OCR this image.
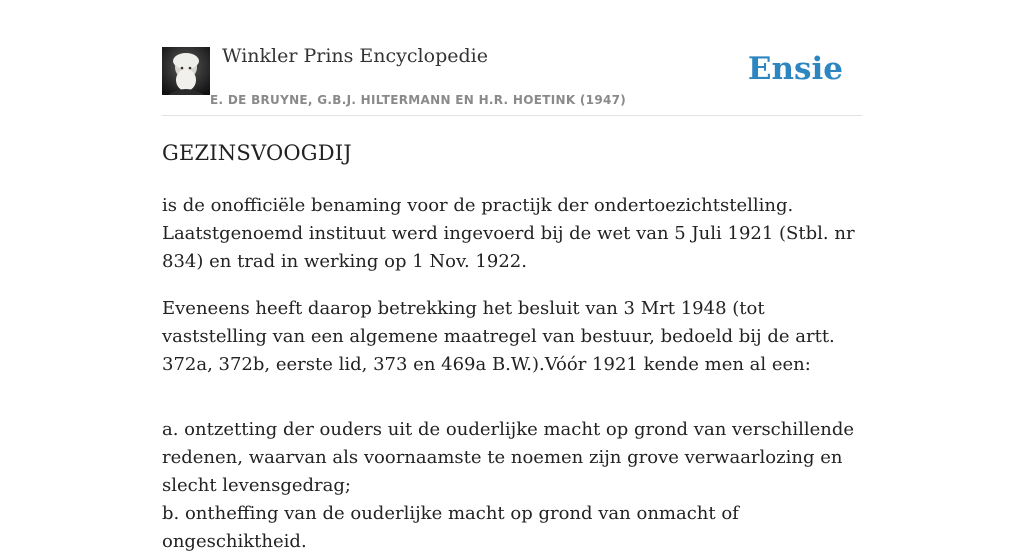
Winkler Prins Encyclopedie
E. DE BRUYNE, G.B.J. HILTERMANN EN H.R. HOETINK (1947)
Ensie
GEZINSVOOGDIJ

is de onofficiële benaming voor de practijk der ondertoezichtstelling. Laatstgenoemd instituut werd ingevoerd bij de wet van 5 Juli 1921 (Stbl. nr 834) en trad in werking op 1 Nov. 1922.

Eveneens heeft daarop betrekking het besluit van 3 Mrt 1948 (tot vaststelling van een algemene maatregel van bestuur, bedoeld bij de artt. 372a, 372b, eerste lid, 373 en 469a B.W.).Vóór 1921 kende men al een:

a. ontzetting der ouders uit de ouderlijke macht op grond van verschillende redenen, waarvan als voornaamste te noemen zijn grove verwaarlozing en slecht levensgedrag;
b. ontheffing van de ouderlijke macht op grond van onmacht of ongeschiktheid.
